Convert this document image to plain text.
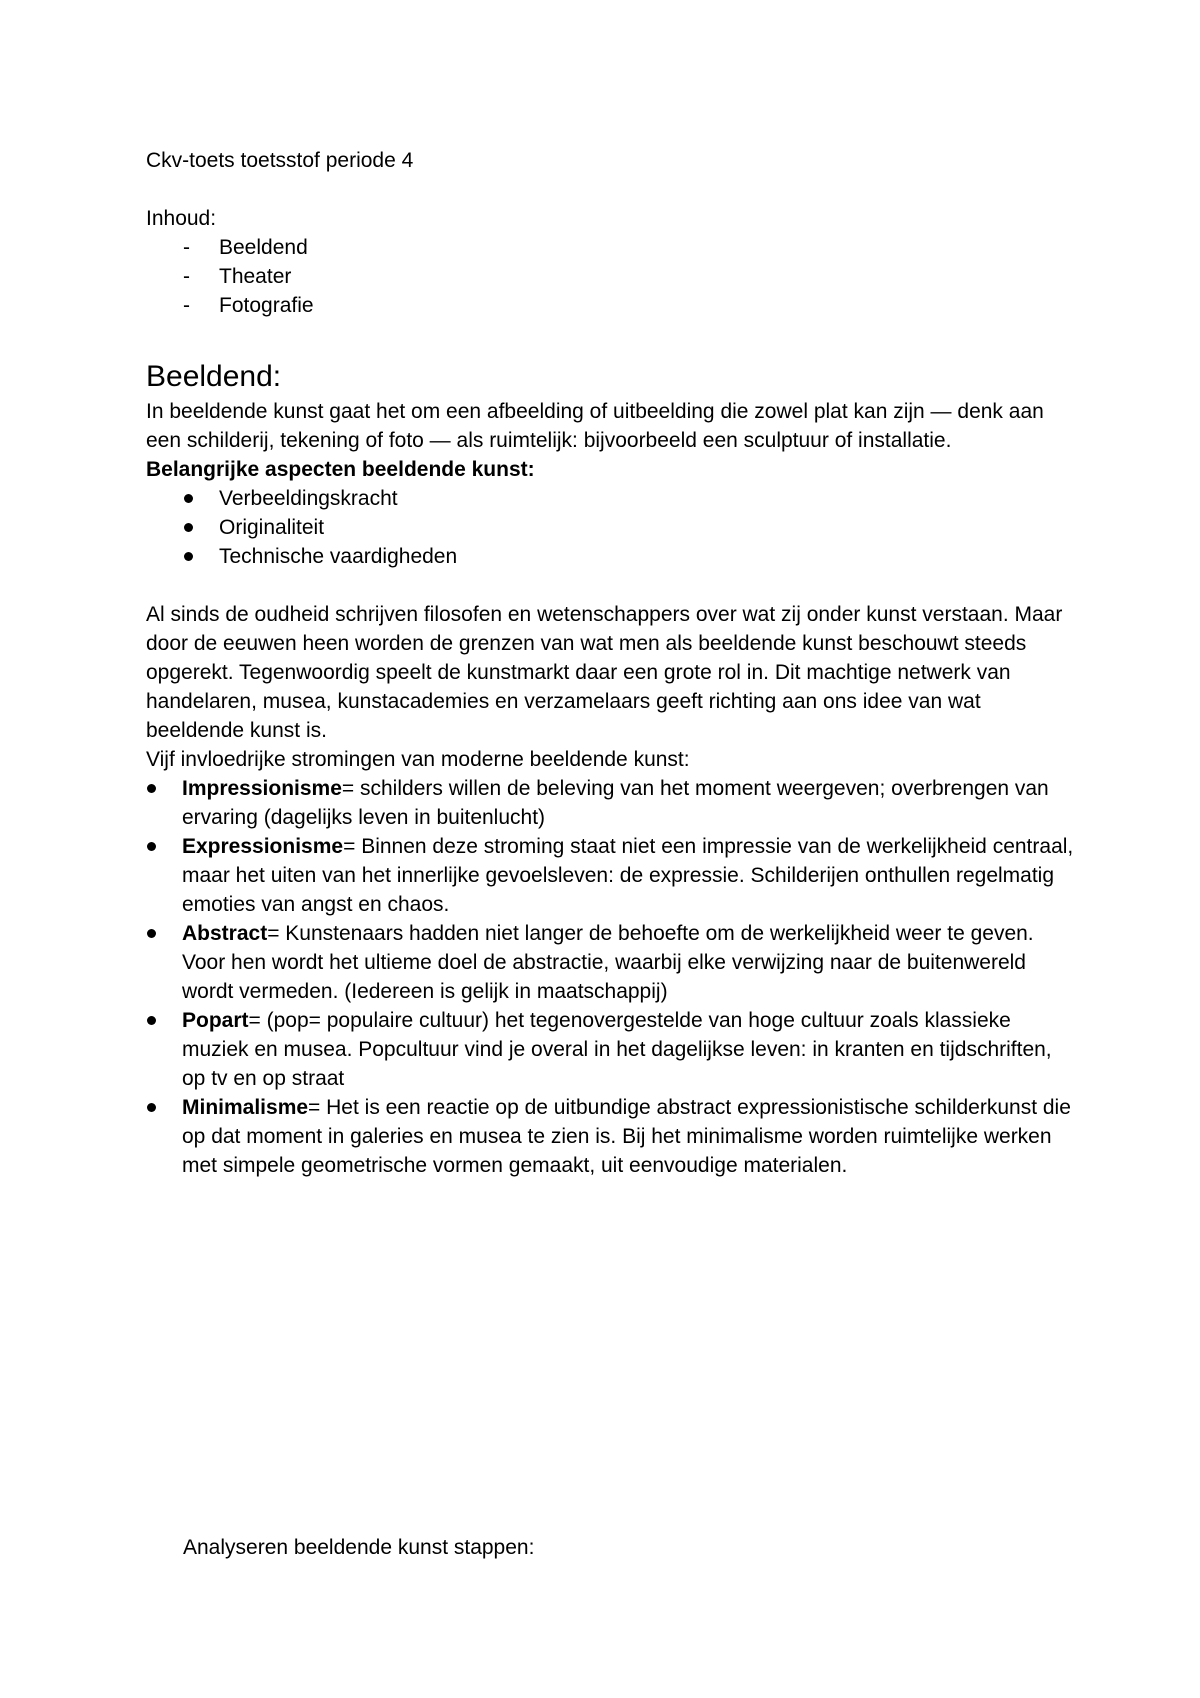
Ckv-toets toetsstof periode 4

Inhoud:

- Beeldend
- Theater
- Fotografie
Beeldend:

In beeldende kunst gaat het om een afbeelding of uitbeelding die zowel plat kan zijn — denk aan een schilderij, tekening of foto — als ruimtelijk: bijvoorbeeld een sculptuur of installatie.

Belangrijke aspecten beeldende kunst:

Verbeeldingskracht
Originaliteit
Technische vaardigheden

Al sinds de oudheid schrijven filosofen en wetenschappers over wat zij onder kunst verstaan. Maar door de eeuwen heen worden de grenzen van wat men als beeldende kunst beschouwt steeds opgerekt. Tegenwoordig speelt de kunstmarkt daar een grote rol in. Dit machtige netwerk van handelaren, musea, kunstacademies en verzamelaars geeft richting aan ons idee van wat beeldende kunst is.

Vijf invloedrijke stromingen van moderne beeldende kunst:

Impressionisme= schilders willen de beleving van het moment weergeven; overbrengen van ervaring (dagelijks leven in buitenlucht)
Expressionisme= Binnen deze stroming staat niet een impressie van de werkelijkheid centraal, maar het uiten van het innerlijke gevoelsleven: de expressie. Schilderijen onthullen regelmatig emoties van angst en chaos.
Abstract= Kunstenaars hadden niet langer de behoefte om de werkelijkheid weer te geven. Voor hen wordt het ultieme doel de abstractie, waarbij elke verwijzing naar de buitenwereld wordt vermeden. (Iedereen is gelijk in maatschappij)
Popart= (pop= populaire cultuur) het tegenovergestelde van hoge cultuur zoals klassieke muziek en musea. Popcultuur vind je overal in het dagelijkse leven: in kranten en tijdschriften, op tv en op straat
Minimalisme= Het is een reactie op de uitbundige abstract expressionistische schilderkunst die op dat moment in galeries en musea te zien is. Bij het minimalisme worden ruimtelijke werken met simpele geometrische vormen gemaakt, uit eenvoudige materialen.

Analyseren beeldende kunst stappen:
